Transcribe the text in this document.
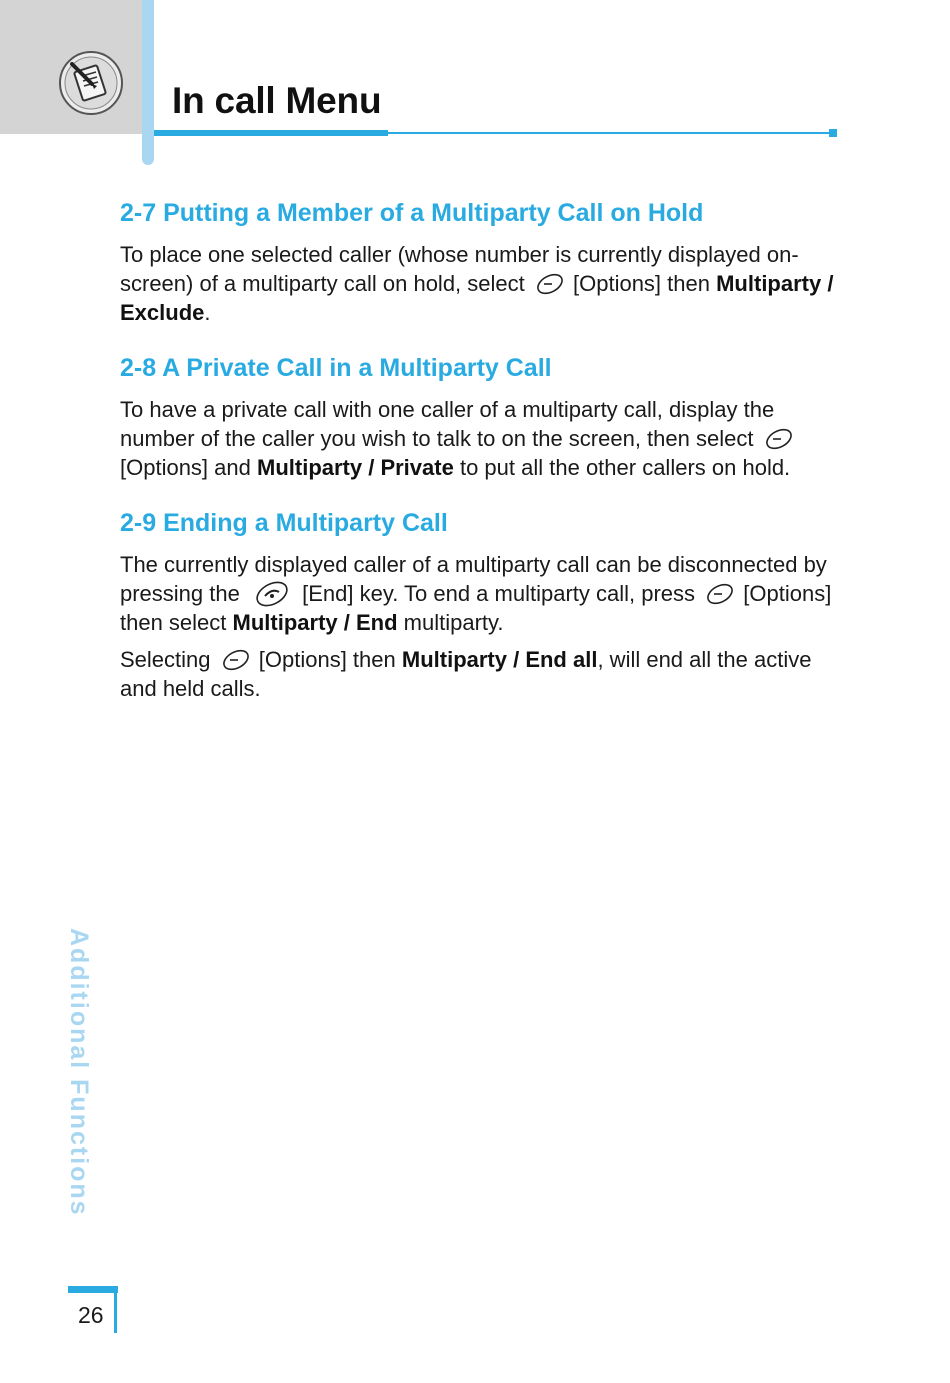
In call Menu
2-7 Putting a Member of a Multiparty Call on Hold

To place one selected caller (whose number is currently displayed on-screen) of a multiparty call on hold, select [Options] then Multiparty / Exclude.

2-8 A Private Call in a Multiparty Call

To have a private call with one caller of a multiparty call, display the number of the caller you wish to talk to on the screen, then select  [Options] and Multiparty / Private to put all the other callers on hold.

2-9 Ending a Multiparty Call

The currently displayed caller of a multiparty call can be disconnected by pressing the	[End] key. To end a multiparty call, press [Options] then select Multiparty / End multiparty.

Selecting [Options] then Multiparty / End all, will end all the active and held calls.

Additional Functions
26
